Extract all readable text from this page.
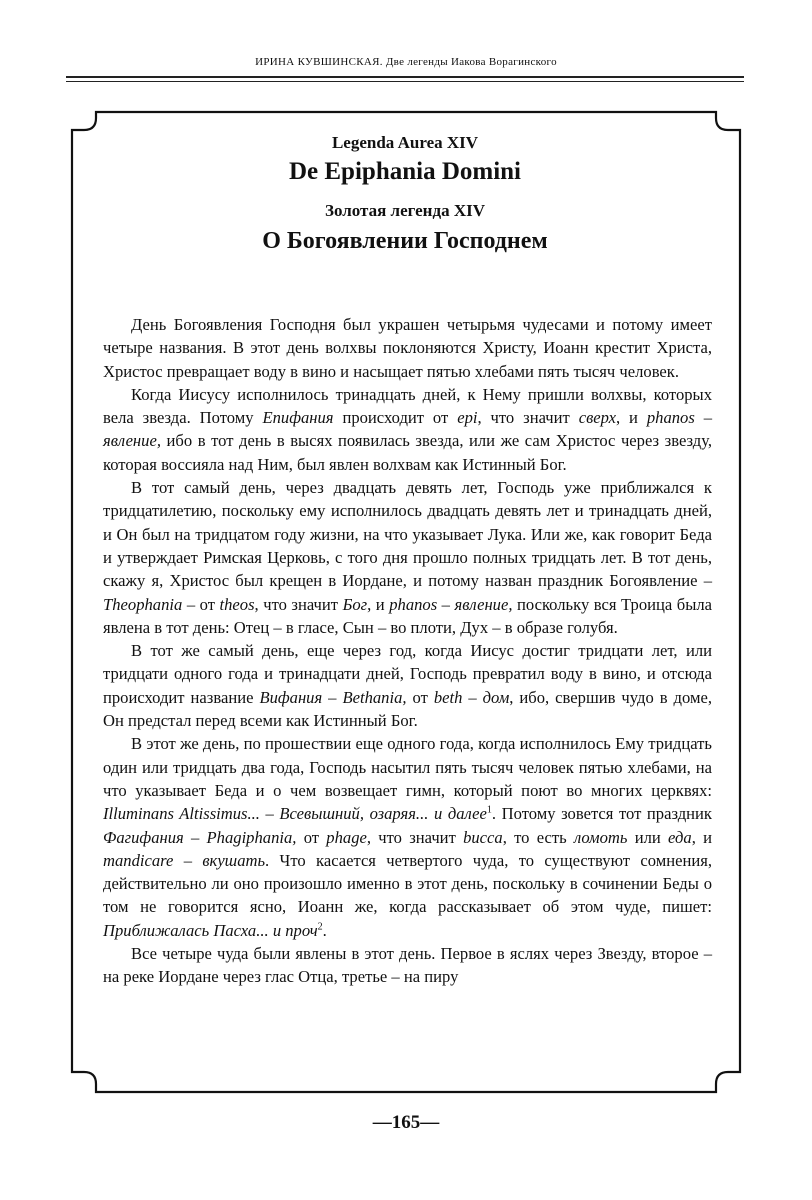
ИРИНА КУВШИНСКАЯ. Две легенды Иакова Ворагинского
Legenda Aurea XIV
De Epiphania Domini
Золотая легенда XIV
О Богоявлении Господнем

День Богоявления Господня был украшен четырьмя чудесами и потому имеет четыре названия. В этот день волхвы поклоняются Христу, Иоанн крестит Христа, Христос превращает воду в вино и насыщает пятью хлебами пять тысяч человек.

Когда Иисусу исполнилось тринадцать дней, к Нему пришли волхвы, которых вела звезда. Потому Епифания происходит от epi, что значит сверх, и phanos – явление, ибо в тот день в высях появилась звезда, или же сам Христос через звезду, которая воссияла над Ним, был явлен волхвам как Истинный Бог.

В тот самый день, через двадцать девять лет, Господь уже приближался к тридцатилетию, поскольку ему исполнилось двадцать девять лет и тринадцать дней, и Он был на тридцатом году жизни, на что указывает Лука. Или же, как говорит Беда и утверждает Римская Церковь, с того дня прошло полных тридцать лет. В тот день, скажу я, Христос был крещен в Иордане, и потому назван праздник Богоявление – Theophania – от theos, что значит Бог, и phanos – явление, поскольку вся Троица была явлена в тот день: Отец – в гласе, Сын – во плоти, Дух – в образе голубя.

В тот же самый день, еще через год, когда Иисус достиг тридцати лет, или тридцати одного года и тринадцати дней, Господь превратил воду в вино, и отсюда происходит название Вифания – Bethania, от beth – дом, ибо, свершив чудо в доме, Он предстал перед всеми как Истинный Бог.

В этот же день, по прошествии еще одного года, когда исполнилось Ему тридцать один или тридцать два года, Господь насытил пять тысяч человек пятью хлебами, на что указывает Беда и о чем возвещает гимн, который поют во многих церквях: Illuminans Altissimus... – Всевышний, озаряя... и далее$^1$. Потому зовется тот праздник Фагифания – Phagiphania, от phage, что значит bucca, то есть ломоть или еда, и mandicare – вкушать. Что касается четвертого чуда, то существуют сомнения, действительно ли оно произошло именно в этот день, поскольку в сочинении Беды о том не говорится ясно, Иоанн же, когда рассказывает об этом чуде, пишет: Приближалась Пасха... и проч$^2$.

Все четыре чуда были явлены в этот день. Первое в яслях через Звезду, второе – на реке Иордане через глас Отца, третье – на пиру

—165—
